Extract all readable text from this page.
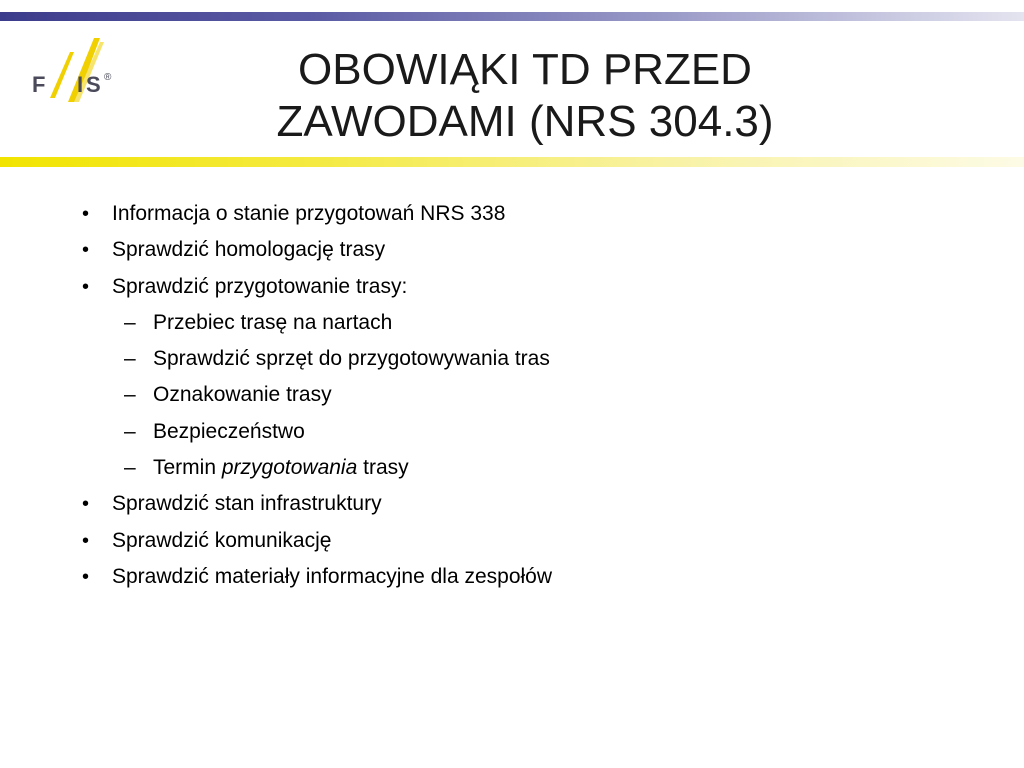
F I S ®	OBOWIĄKI TD PRZED
ZAWODAMI (NRS 304.3)
• Informacja o stanie przygotowań NRS 338
• Sprawdzić homologację trasy
• Sprawdzić przygotowanie trasy:
– Przebiec trasę na nartach
– Sprawdzić sprzęt do przygotowywania tras
– Oznakowanie trasy
– Bezpieczeństwo
– Termin przygotowania trasy
• Sprawdzić stan infrastruktury
• Sprawdzić komunikację
• Sprawdzić materiały informacyjne dla zespołów
